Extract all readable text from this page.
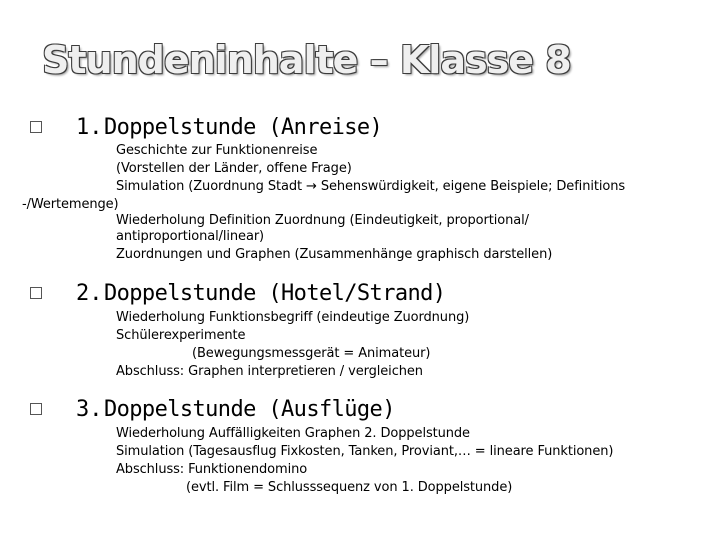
Stundeninhalte – Klasse 8
1. Doppelstunde (Anreise)
Geschichte zur Funktionenreise
(Vorstellen der Länder, offene Frage)
Simulation (Zuordnung Stadt → Sehenswürdigkeit, eigene Beispiele; Definitions
-/Wertemenge)
Wiederholung Definition Zuordnung (Eindeutigkeit, proportional/
antiproportional/linear)
Zuordnungen und Graphen (Zusammenhänge graphisch darstellen)
2. Doppelstunde (Hotel/Strand)
Wiederholung Funktionsbegriff (eindeutige Zuordnung)
Schülerexperimente
(Bewegungsmessgerät = Animateur)
Abschluss: Graphen interpretieren / vergleichen
3. Doppelstunde (Ausflüge)
Wiederholung Auffälligkeiten Graphen 2. Doppelstunde
Simulation (Tagesausflug Fixkosten, Tanken, Proviant,… = lineare Funktionen)
Abschluss: Funktionendomino
(evtl. Film = Schlusssequenz von 1. Doppelstunde)
